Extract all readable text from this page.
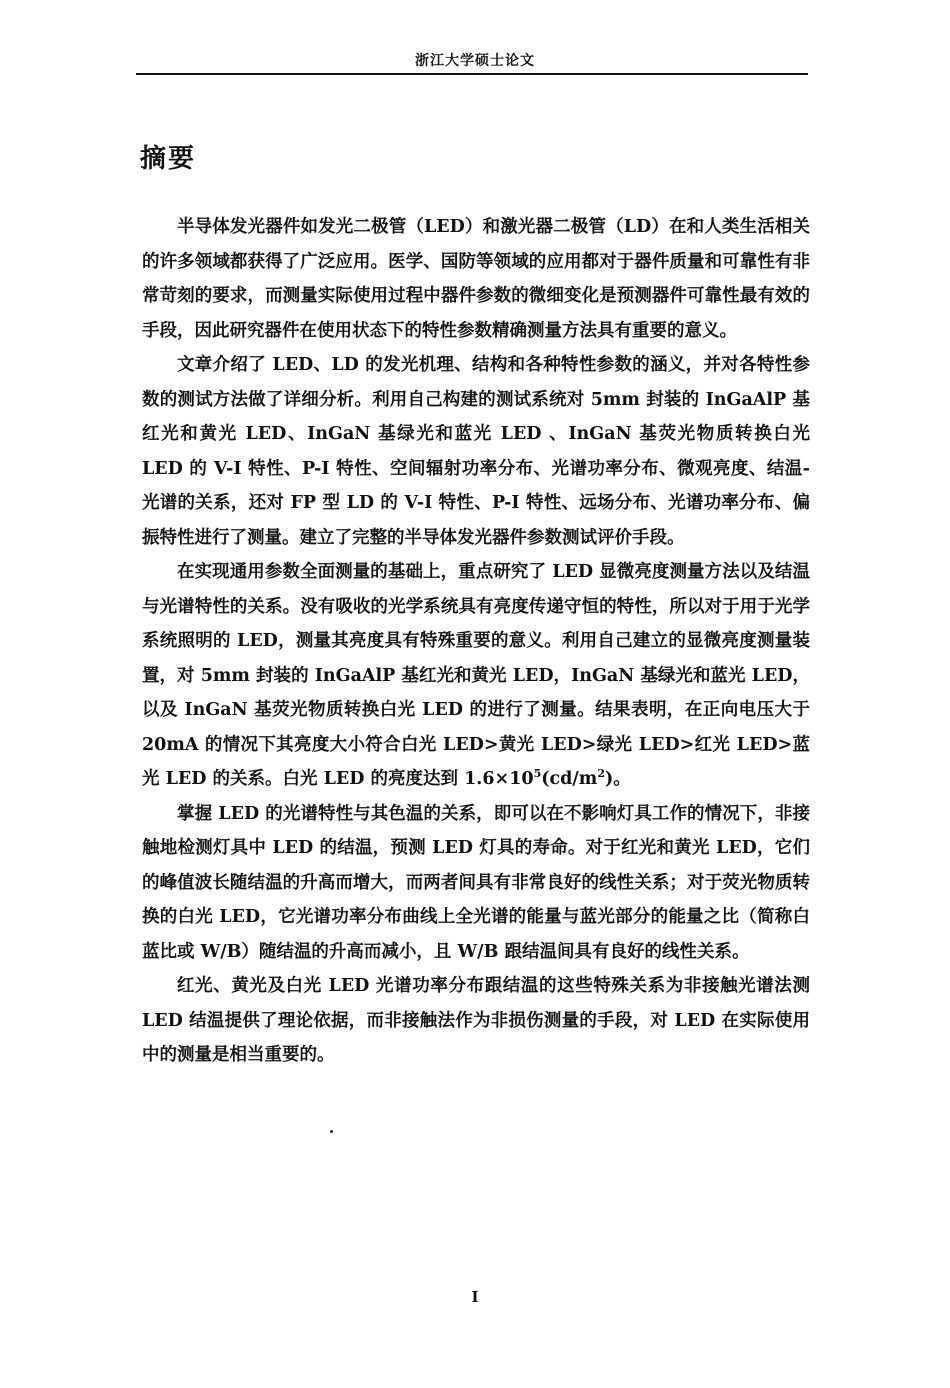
浙江大学硕士论文
摘要

半导体发光器件如发光二极管（LED）和激光器二极管（LD）在和人类生活相关的许多领域都获得了广泛应用。医学、国防等领域的应用都对于器件质量和可靠性有非常苛刻的要求，而测量实际使用过程中器件参数的微细变化是预测器件可靠性最有效的手段，因此研究器件在使用状态下的特性参数精确测量方法具有重要的意义。

文章介绍了 LED、LD 的发光机理、结构和各种特性参数的涵义，并对各特性参数的测试方法做了详细分析。利用自己构建的测试系统对 5mm 封装的 InGaAlP 基红光和黄光 LED、InGaN 基绿光和蓝光 LED 、InGaN 基荧光物质转换白光 LED 的 V-I 特性、P-I 特性、空间辐射功率分布、光谱功率分布、微观亮度、结温-光谱的关系，还对 FP 型 LD 的 V-I 特性、P-I 特性、远场分布、光谱功率分布、偏振特性进行了测量。建立了完整的半导体发光器件参数测试评价手段。

在实现通用参数全面测量的基础上，重点研究了 LED 显微亮度测量方法以及结温与光谱特性的关系。没有吸收的光学系统具有亮度传递守恒的特性，所以对于用于光学系统照明的 LED，测量其亮度具有特殊重要的意义。利用自己建立的显微亮度测量装置，对 5mm 封装的 InGaAlP 基红光和黄光 LED，InGaN 基绿光和蓝光 LED，以及 InGaN 基荧光物质转换白光 LED 的进行了测量。结果表明，在正向电压大于 20mA 的情况下其亮度大小符合白光 LED>黄光 LED>绿光 LED>红光 LED>蓝光 LED 的关系。白光 LED 的亮度达到 $1.6\times 10^5(cd/m^2)$。

掌握 LED 的光谱特性与其色温的关系，即可以在不影响灯具工作的情况下，非接触地检测灯具中 LED 的结温，预测 LED 灯具的寿命。对于红光和黄光 LED，它们的峰值波长随结温的升高而增大，而两者间具有非常良好的线性关系；对于荧光物质转换的白光 LED，它光谱功率分布曲线上全光谱的能量与蓝光部分的能量之比（简称白蓝比或 W/B）随结温的升高而减小，且 W/B 跟结温间具有良好的线性关系。

红光、黄光及白光 LED 光谱功率分布跟结温的这些特殊关系为非接触光谱法测 LED 结温提供了理论依据，而非接触法作为非损伤测量的手段，对 LED 在实际使用中的测量是相当重要的。

I
